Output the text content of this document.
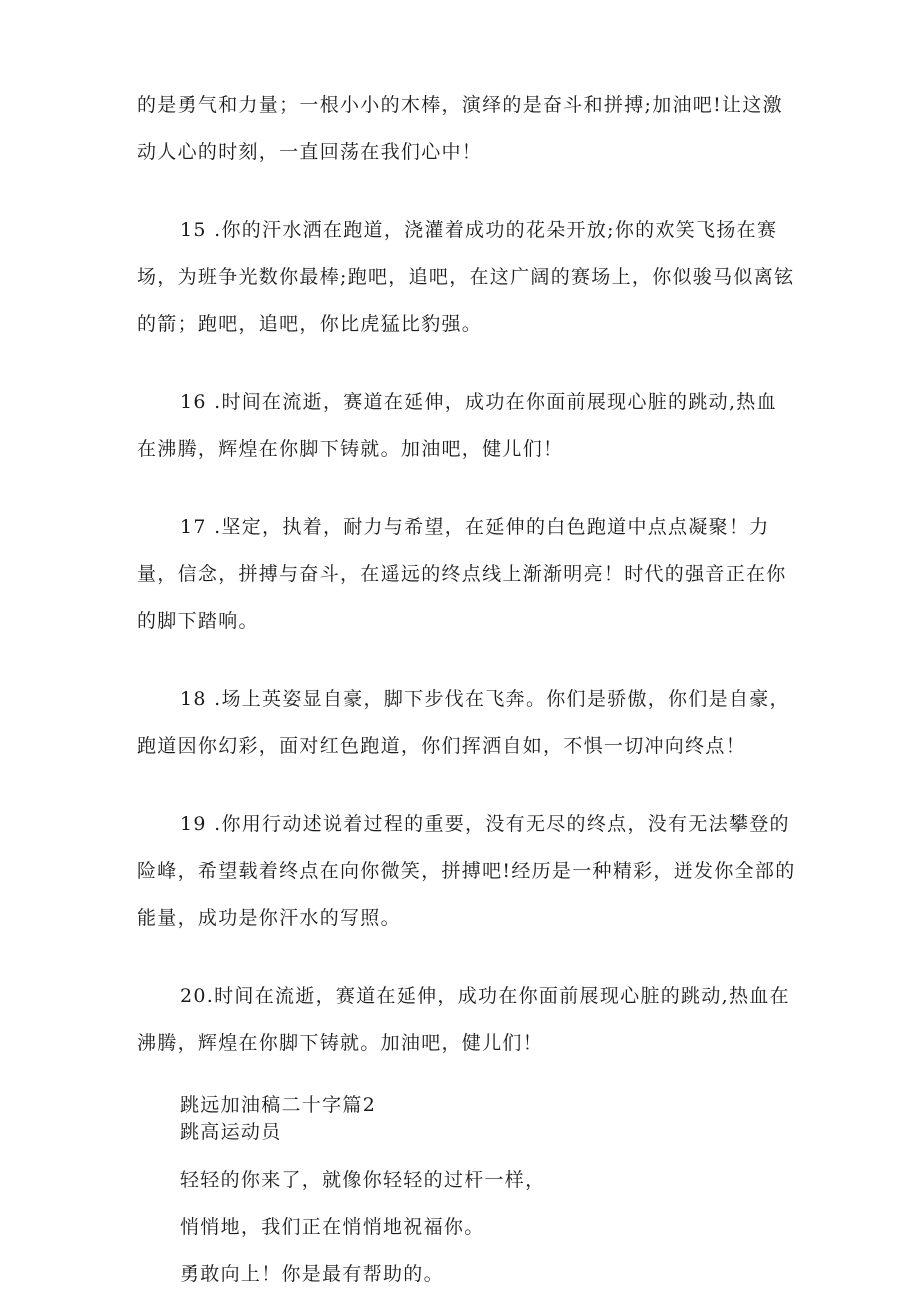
的是勇气和力量；一根小小的木棒，演绎的是奋斗和拼搏;加油吧!让这激
动人心的时刻，一直回荡在我们心中！
15 .你的汗水洒在跑道，浇灌着成功的花朵开放;你的欢笑飞扬在赛
场，为班争光数你最棒;跑吧，追吧，在这广阔的赛场上，你似骏马似离铉
的箭；跑吧，追吧，你比虎猛比豹强。
16 .时间在流逝，赛道在延伸，成功在你面前展现心脏的跳动,热血
在沸腾，辉煌在你脚下铸就。加油吧，健儿们！
17 .坚定，执着，耐力与希望，在延伸的白色跑道中点点凝聚！力
量，信念，拼搏与奋斗，在遥远的终点线上渐渐明亮！时代的强音正在你
的脚下踏响。
18 .场上英姿显自豪，脚下步伐在飞奔。你们是骄傲，你们是自豪，
跑道因你幻彩，面对红色跑道，你们挥洒自如，不惧一切冲向终点！
19 .你用行动述说着过程的重要，没有无尽的终点，没有无法攀登的
险峰，希望载着终点在向你微笑，拼搏吧!经历是一种精彩，迸发你全部的
能量，成功是你汗水的写照。
20.时间在流逝，赛道在延伸，成功在你面前展现心脏的跳动,热血在
沸腾，辉煌在你脚下铸就。加油吧，健儿们！
跳远加油稿二十字篇2
跳高运动员
轻轻的你来了，就像你轻轻的过杆一样，
悄悄地，我们正在悄悄地祝福你。
勇敢向上！你是最有帮助的。
